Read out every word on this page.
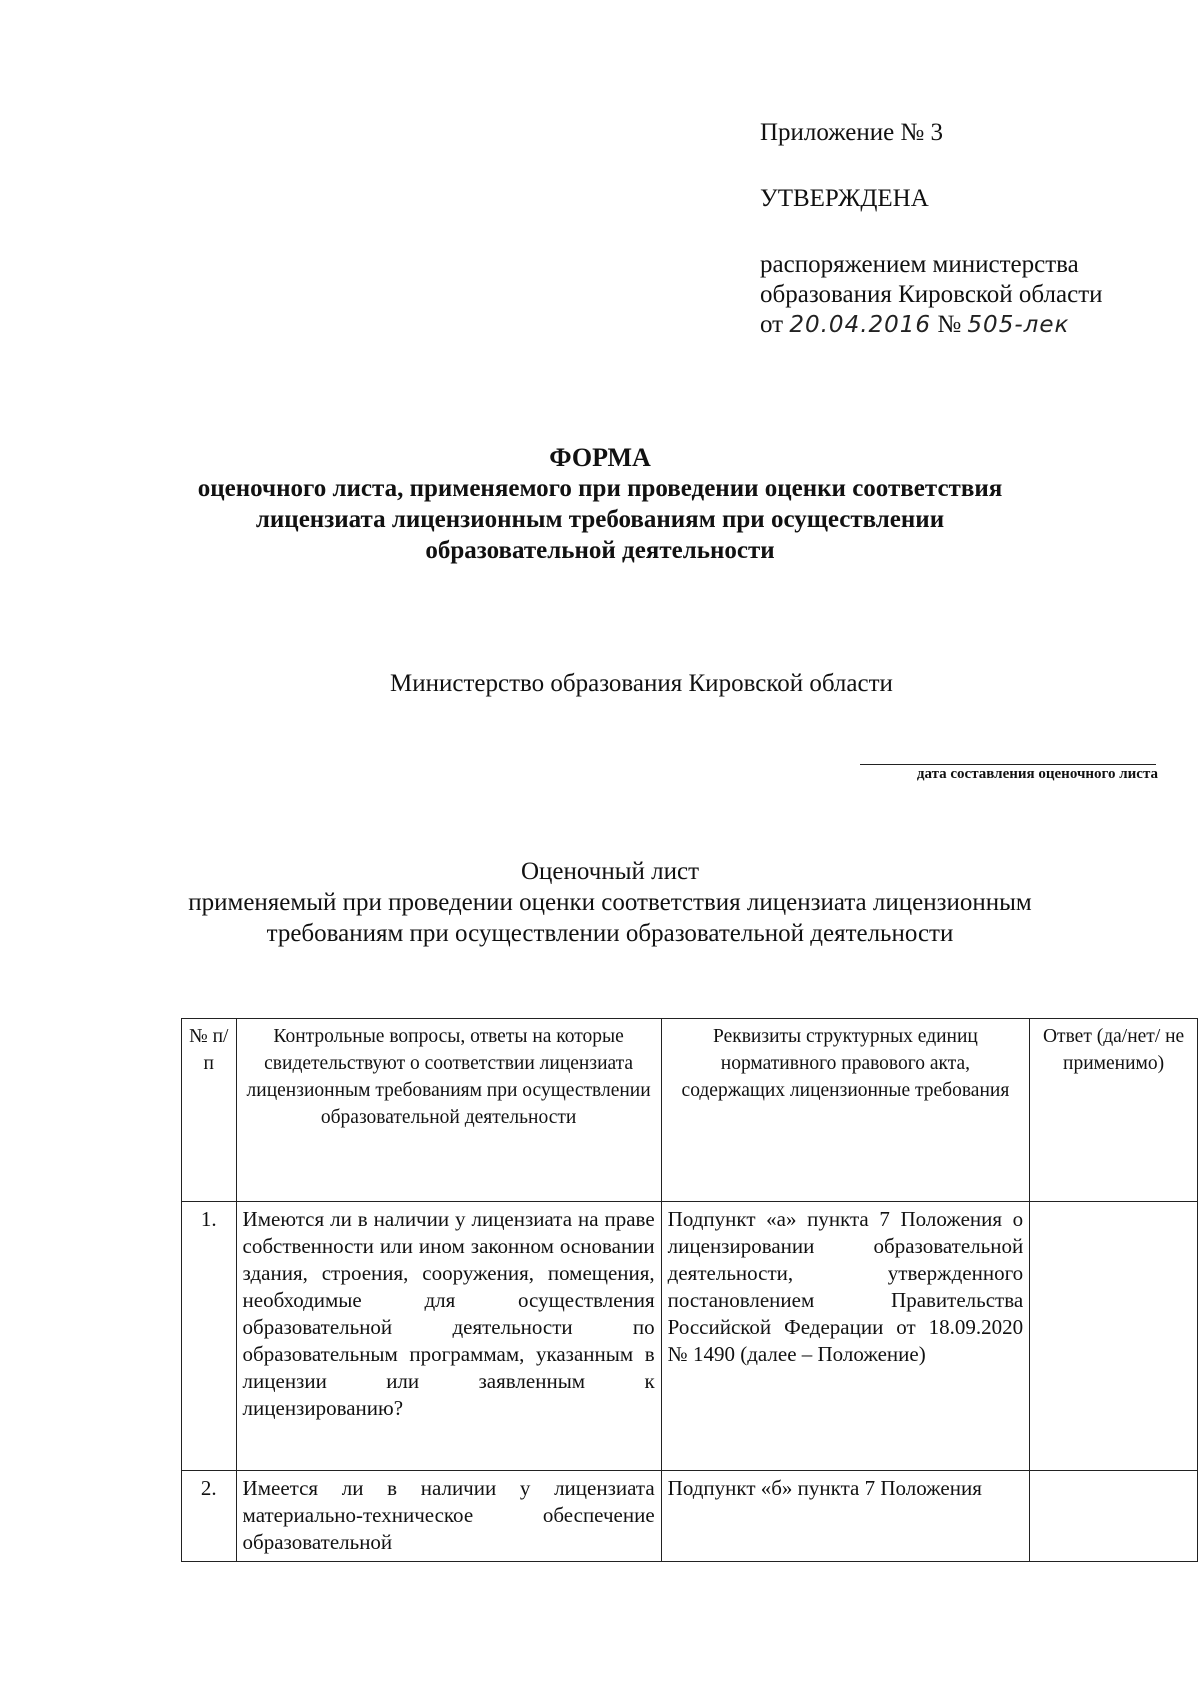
Приложение № 3
УТВЕРЖДЕНА
распоряжением министерства
образования Кировской области
от 20.04.2016 № 505-лек
ФОРМА
оценочного листа, применяемого при проведении оценки соответствия
лицензиата лицензионным требованиям при осуществлении
образовательной деятельности
Министерство образования Кировской области
дата составления оценочного листа
Оценочный лист
применяемый при проведении оценки соответствия лицензиата лицензионным
требованиям при осуществлении образовательной деятельности
№ п/ п	Контрольные вопросы, ответы на которые свидетельствуют о соответствии лицензиата лицензионным требованиям при осуществлении образовательной деятельности	Реквизиты структурных единиц нормативного правового акта, содержащих лицензионные требования	Ответ (да/нет/ не применимо)
1.	Имеются ли в наличии у лицензиата на праве собственности или ином законном основании здания, строения, сооружения, помещения, необходимые для осуществления образовательной деятельности по образовательным программам, указанным в лицензии или заявленным к лицензированию?	Подпункт «а» пункта 7 Положения о лицензировании образовательной деятельности, утвержденного постановлением Правительства Российской Федерации от 18.09.2020 № 1490 (далее – Положение)	
2.	Имеется ли в наличии у лицензиата материально-техническое обеспечение образовательной	Подпункт «б» пункта 7 Положения	
